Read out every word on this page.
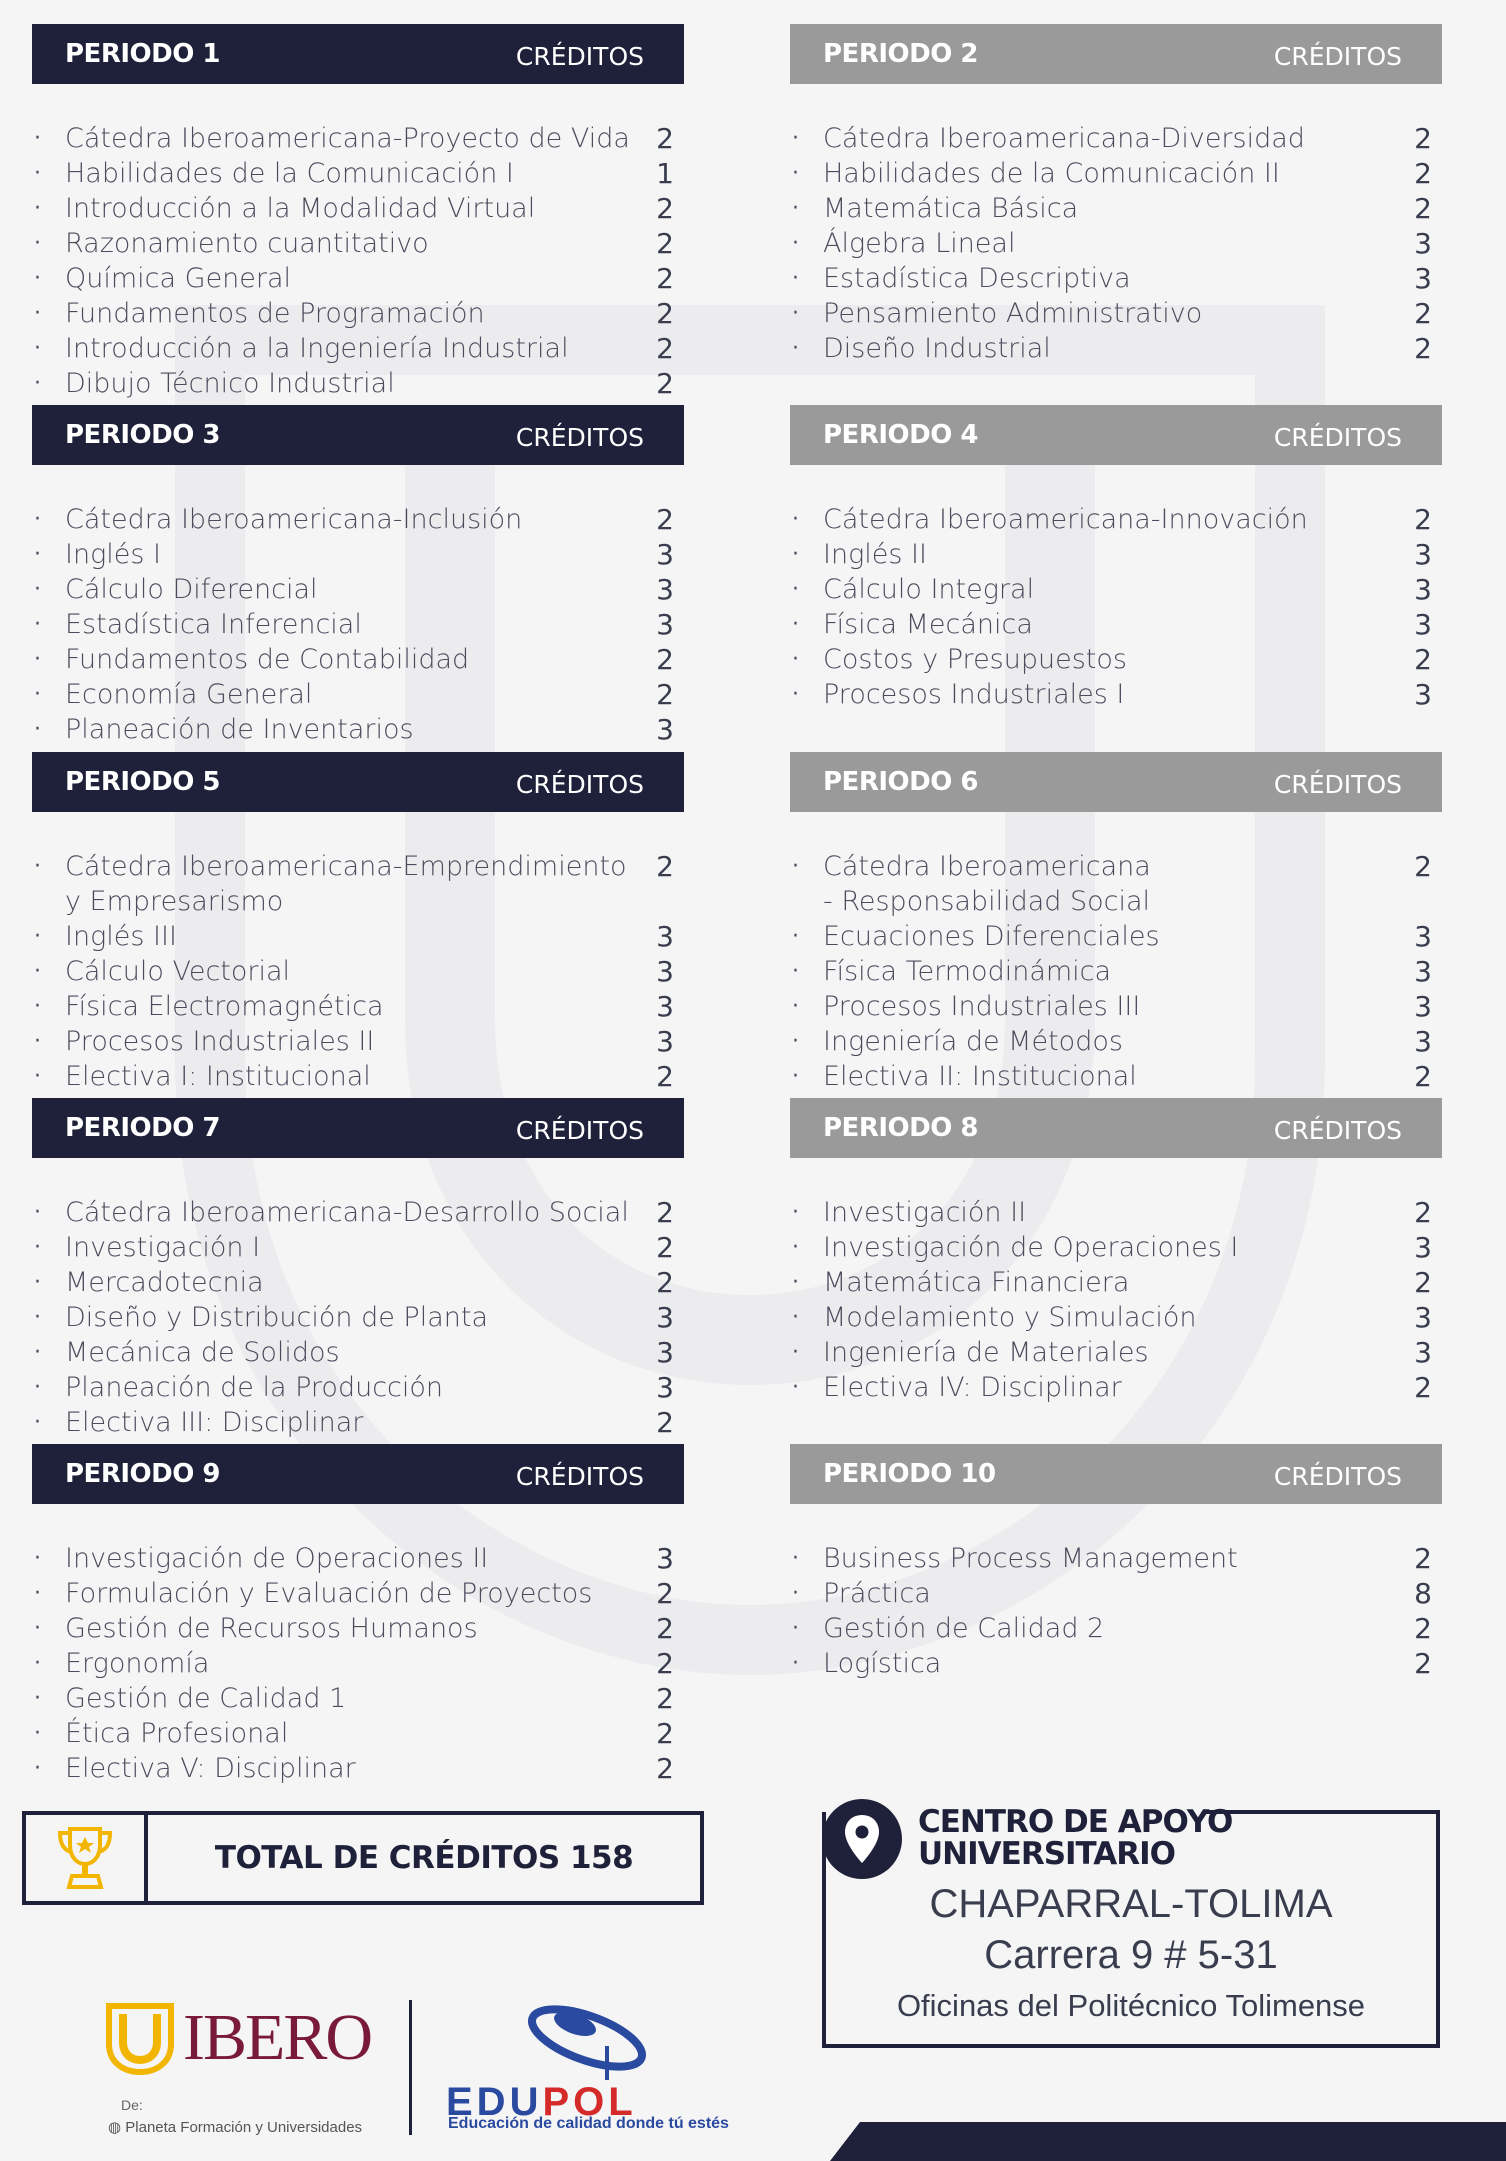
PERIODO 1	CRÉDITOS
· Cátedra Iberoamericana-Proyecto de Vida 2
· Habilidades de la Comunicación I	1
· Introducción a la Modalidad Virtual	2
· Razonamiento cuantitativo	2
· Química General	2
· Fundamentos de Programación	2
· Introducción a la Ingeniería Industrial	2
· Dibujo Técnico Industrial	2
PERIODO 2	CRÉDITOS
· Cátedra Iberoamericana-Diversidad	2
· Habilidades de la Comunicación II	2
· Matemática Básica	2
· Álgebra Lineal	3
· Estadística Descriptiva	3
· Pensamiento Administrativo	2
· Diseño Industrial	2
PERIODO 3	CRÉDITOS
· Cátedra Iberoamericana-Inclusión	2
· Inglés I	3
· Cálculo Diferencial	3
· Estadística Inferencial	3
· Fundamentos de Contabilidad	2
· Economía General	2
· Planeación de Inventarios	3
PERIODO 4	CRÉDITOS
· Cátedra Iberoamericana-Innovación	2
· Inglés II	3
· Cálculo Integral	3
· Física Mecánica	3
· Costos y Presupuestos	2
· Procesos Industriales I	3
PERIODO 5	CRÉDITOS
· Cátedra Iberoamericana-Emprendimiento
y Empresarismo
2
· Inglés III	3
· Cálculo Vectorial	3
· Física Electromagnética	3
· Procesos Industriales II	3
· Electiva I: Institucional	2
PERIODO 6	CRÉDITOS
· Cátedra Iberoamericana
- Responsabilidad Social
2
· Ecuaciones Diferenciales	3
· Física Termodinámica	3
· Procesos Industriales III	3
· Ingeniería de Métodos	3
· Electiva II: Institucional	2
PERIODO 7	CRÉDITOS
· Cátedra Iberoamericana-Desarrollo Social 2
· Investigación I	2
· Mercadotecnia	2
· Diseño y Distribución de Planta	3
· Mecánica de Solidos	3
· Planeación de la Producción	3
· Electiva III: Disciplinar	2
PERIODO 8	CRÉDITOS
· Investigación II	2
· Investigación de Operaciones I	3
· Matemática Financiera	2
· Modelamiento y Simulación	3
· Ingeniería de Materiales	3
· Electiva IV: Disciplinar	2
PERIODO 9	CRÉDITOS
· Investigación de Operaciones II	3
· Formulación y Evaluación de Proyectos	2
· Gestión de Recursos Humanos	2
· Ergonomía	2
· Gestión de Calidad 1	2
· Ética Profesional	2
· Electiva V: Disciplinar	2
PERIODO 10	CRÉDITOS
· Business Process Management	2
· Práctica	8
· Gestión de Calidad 2	2
· Logística	2
TOTAL DE CRÉDITOS 158
CENTRO DE APOYO
UNIVERSITARIO
CHAPARRAL-TOLIMA
Carrera 9 # 5-31
Oficinas del Politécnico Tolimense
IBERO
De:
◍ Planeta Formación y Universidades
EDUPOL
Educación de calidad donde tú estés
